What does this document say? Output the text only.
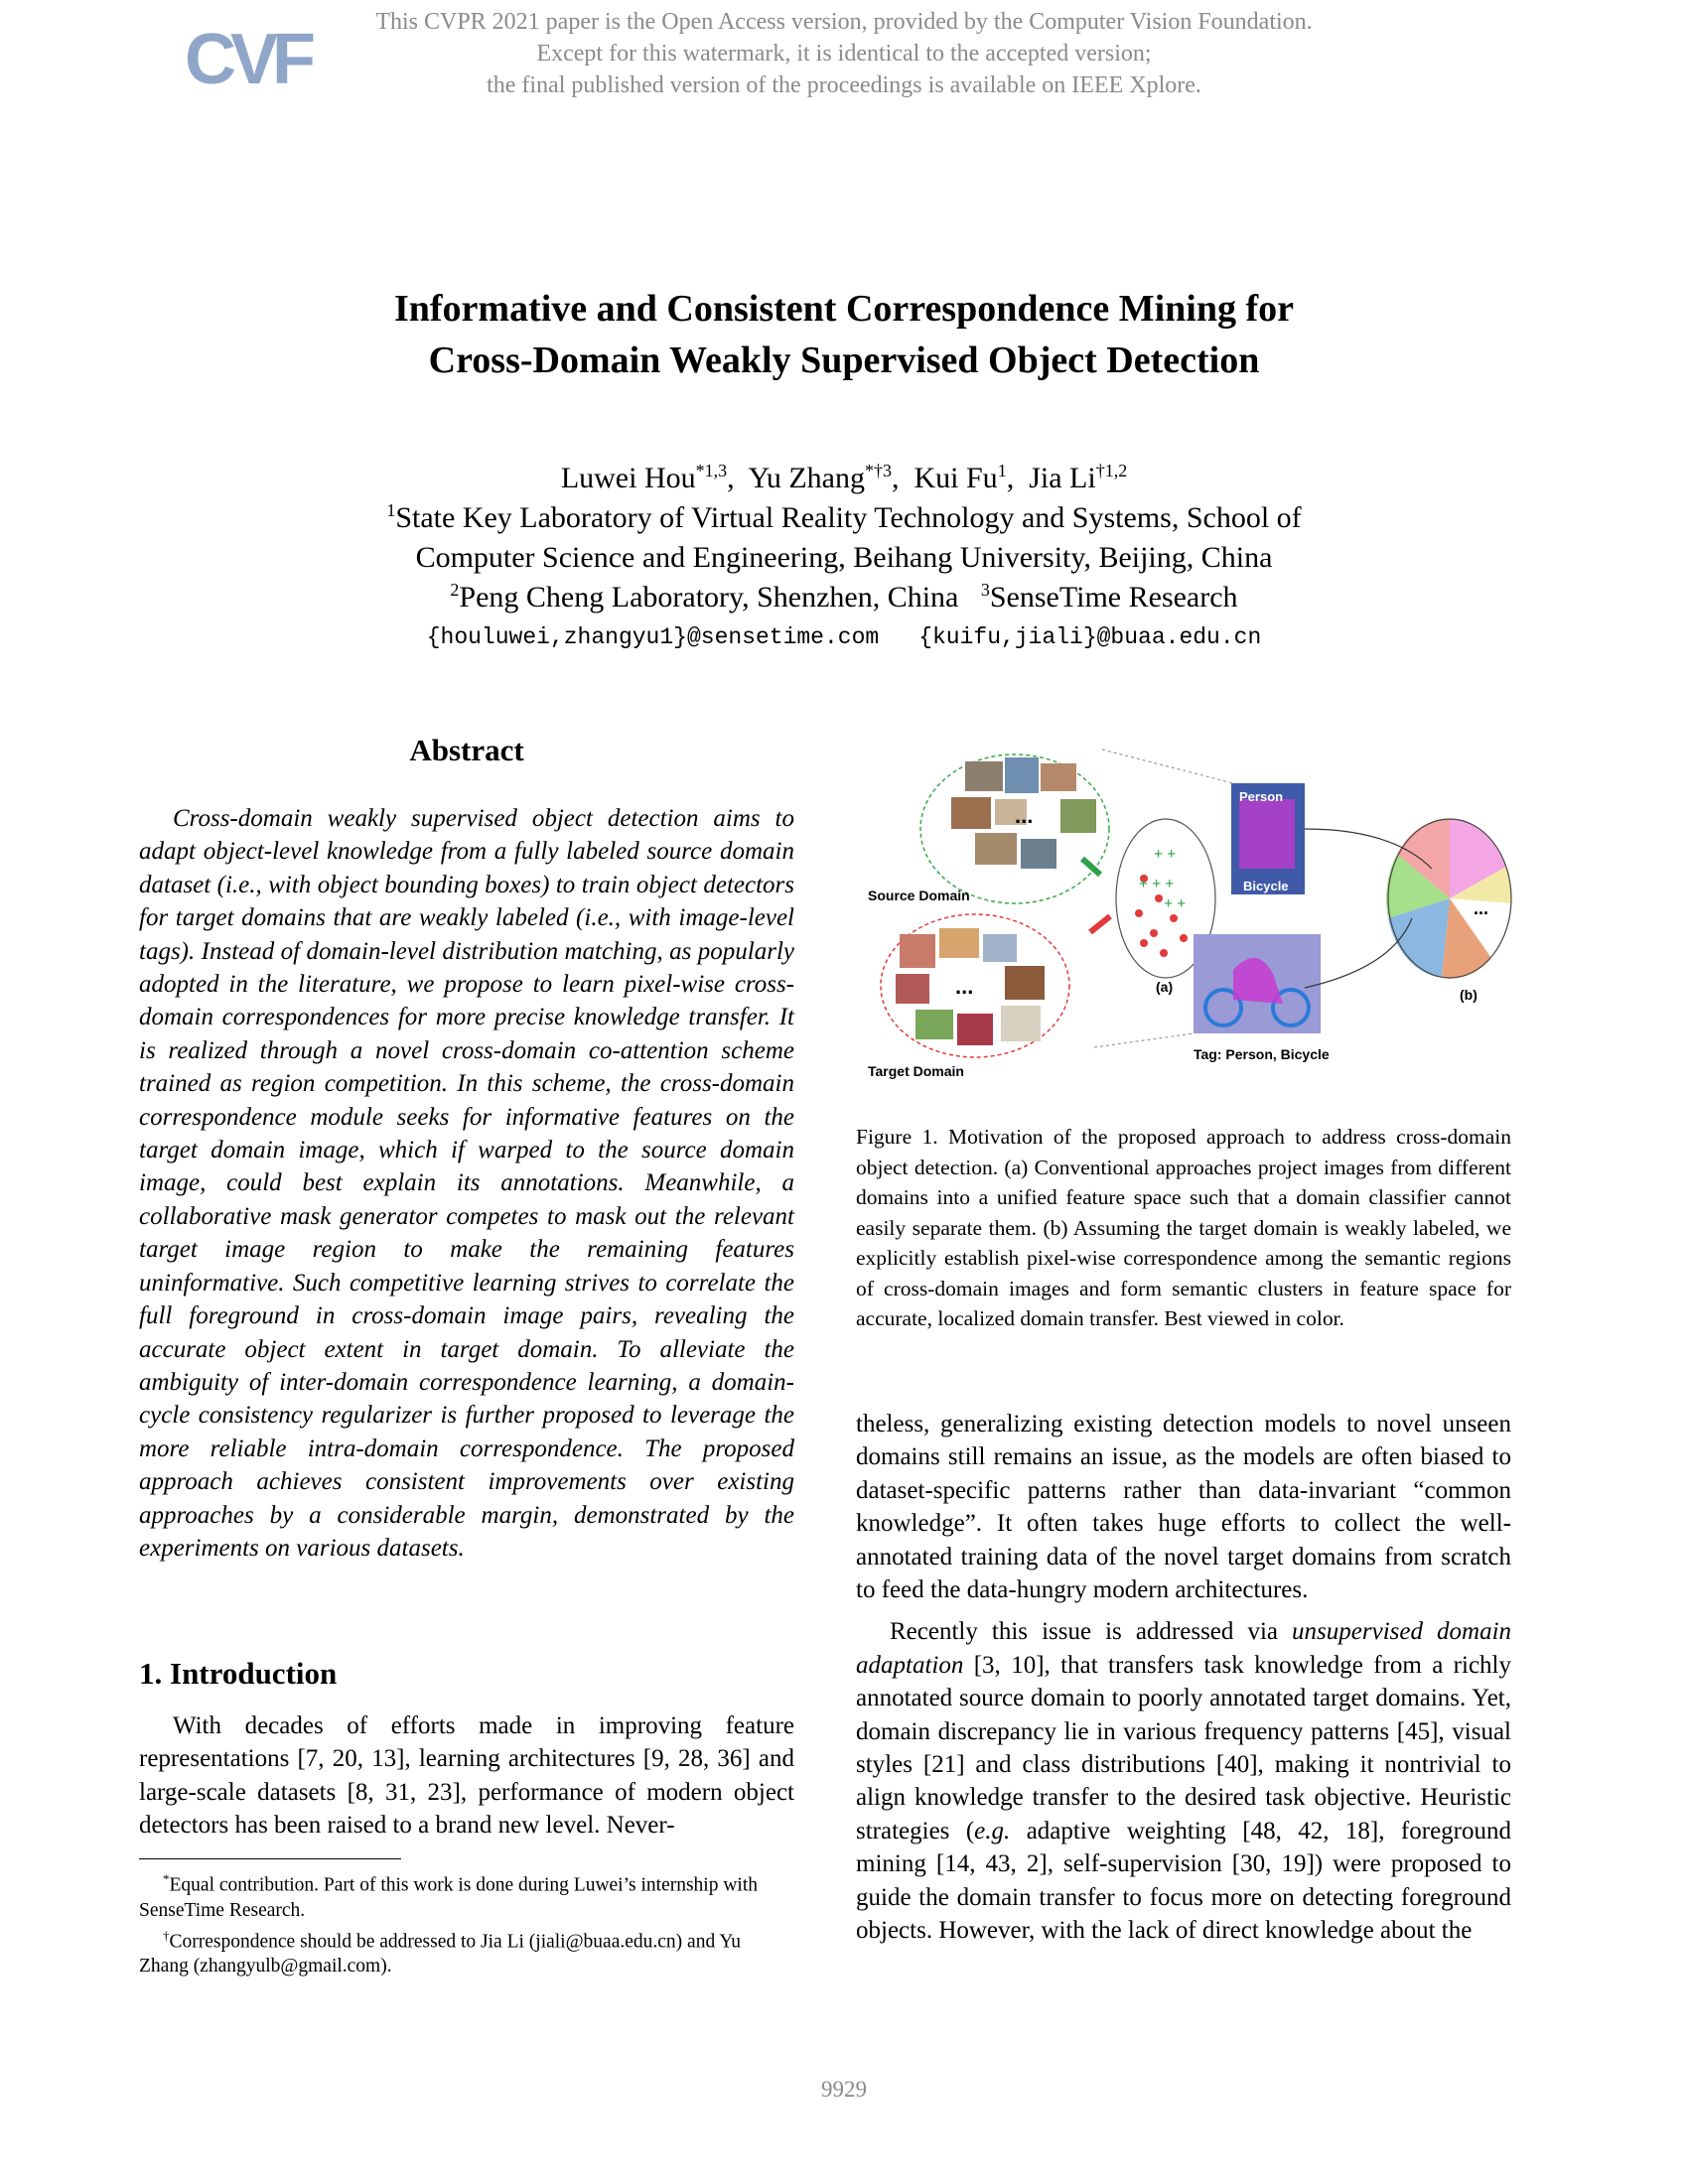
CVF	This CVPR 2021 paper is the Open Access version, provided by the Computer Vision Foundation.
Except for this watermark, it is identical to the accepted version;
the final published version of the proceedings is available on IEEE Xplore.
Informative and Consistent Correspondence Mining for
Cross-Domain Weakly Supervised Object Detection
Luwei Hou$^{*1,3}$,  Yu Zhang$^{*\dagger 3}$,  Kui Fu$^1$,  Jia Li$^{\dagger 1,2}$
$^1$State Key Laboratory of Virtual Reality Technology and Systems, School of
Computer Science and Engineering, Beihang University, Beijing, China
$^2$Peng Cheng Laboratory, Shenzhen, China $^3$SenseTime Research
{houluwei,zhangyu1}@sensetime.com {kuifu,jiali}@buaa.edu.cn
Abstract

Cross-domain weakly supervised object detection aims to adapt object-level knowledge from a fully labeled source domain dataset (i.e., with object bounding boxes) to train object detectors for target domains that are weakly labeled (i.e., with image-level tags). Instead of domain-level distribution matching, as popularly adopted in the literature, we propose to learn pixel-wise cross-domain correspondences for more precise knowledge transfer. It is realized through a novel cross-domain co-attention scheme trained as region competition. In this scheme, the cross-domain correspondence module seeks for informative features on the target domain image, which if warped to the source domain image, could best explain its annotations. Meanwhile, a collaborative mask generator competes to mask out the relevant target image region to make the remaining features uninformative. Such competitive learning strives to correlate the full foreground in cross-domain image pairs, revealing the accurate object extent in target domain. To alleviate the ambiguity of inter-domain correspondence learning, a domain-cycle consistency regularizer is further proposed to leverage the more reliable intra-domain correspondence. The proposed approach achieves consistent improvements over existing approaches by a considerable margin, demonstrated by the experiments on various datasets.

1. Introduction

With decades of efforts made in improving feature representations [7, 20, 13], learning architectures [9, 28, 36] and large-scale datasets [8, 31, 23], performance of modern object detectors has been raised to a brand new level. Never-

*Equal contribution. Part of this work is done during Luwei’s internship with SenseTime Research.

†Correspondence should be addressed to Jia Li (jiali@buaa.edu.cn) and Yu Zhang (zhangyulb@gmail.com).

...
Source Domain
...
Target Domain
+ +
+ + +
+ +
(a)
Person
Bicycle
Tag: Person, Bicycle
...
(b)
Figure 1. Motivation of the proposed approach to address cross-domain object detection. (a) Conventional approaches project images from different domains into a unified feature space such that a domain classifier cannot easily separate them. (b) Assuming the target domain is weakly labeled, we explicitly establish pixel-wise correspondence among the semantic regions of cross-domain images and form semantic clusters in feature space for accurate, localized domain transfer. Best viewed in color.

theless, generalizing existing detection models to novel unseen domains still remains an issue, as the models are often biased to dataset-specific patterns rather than data-invariant “common knowledge”. It often takes huge efforts to collect the well-annotated training data of the novel target domains from scratch to feed the data-hungry modern architectures.

Recently this issue is addressed via unsupervised domain adaptation [3, 10], that transfers task knowledge from a richly annotated source domain to poorly annotated target domains. Yet, domain discrepancy lie in various frequency patterns [45], visual styles [21] and class distributions [40], making it nontrivial to align knowledge transfer to the desired task objective. Heuristic strategies (e.g. adaptive weighting [48, 42, 18], foreground mining [14, 43, 2], self-supervision [30, 19]) were proposed to guide the domain transfer to focus more on detecting foreground objects. However, with the lack of direct knowledge about the

9929
